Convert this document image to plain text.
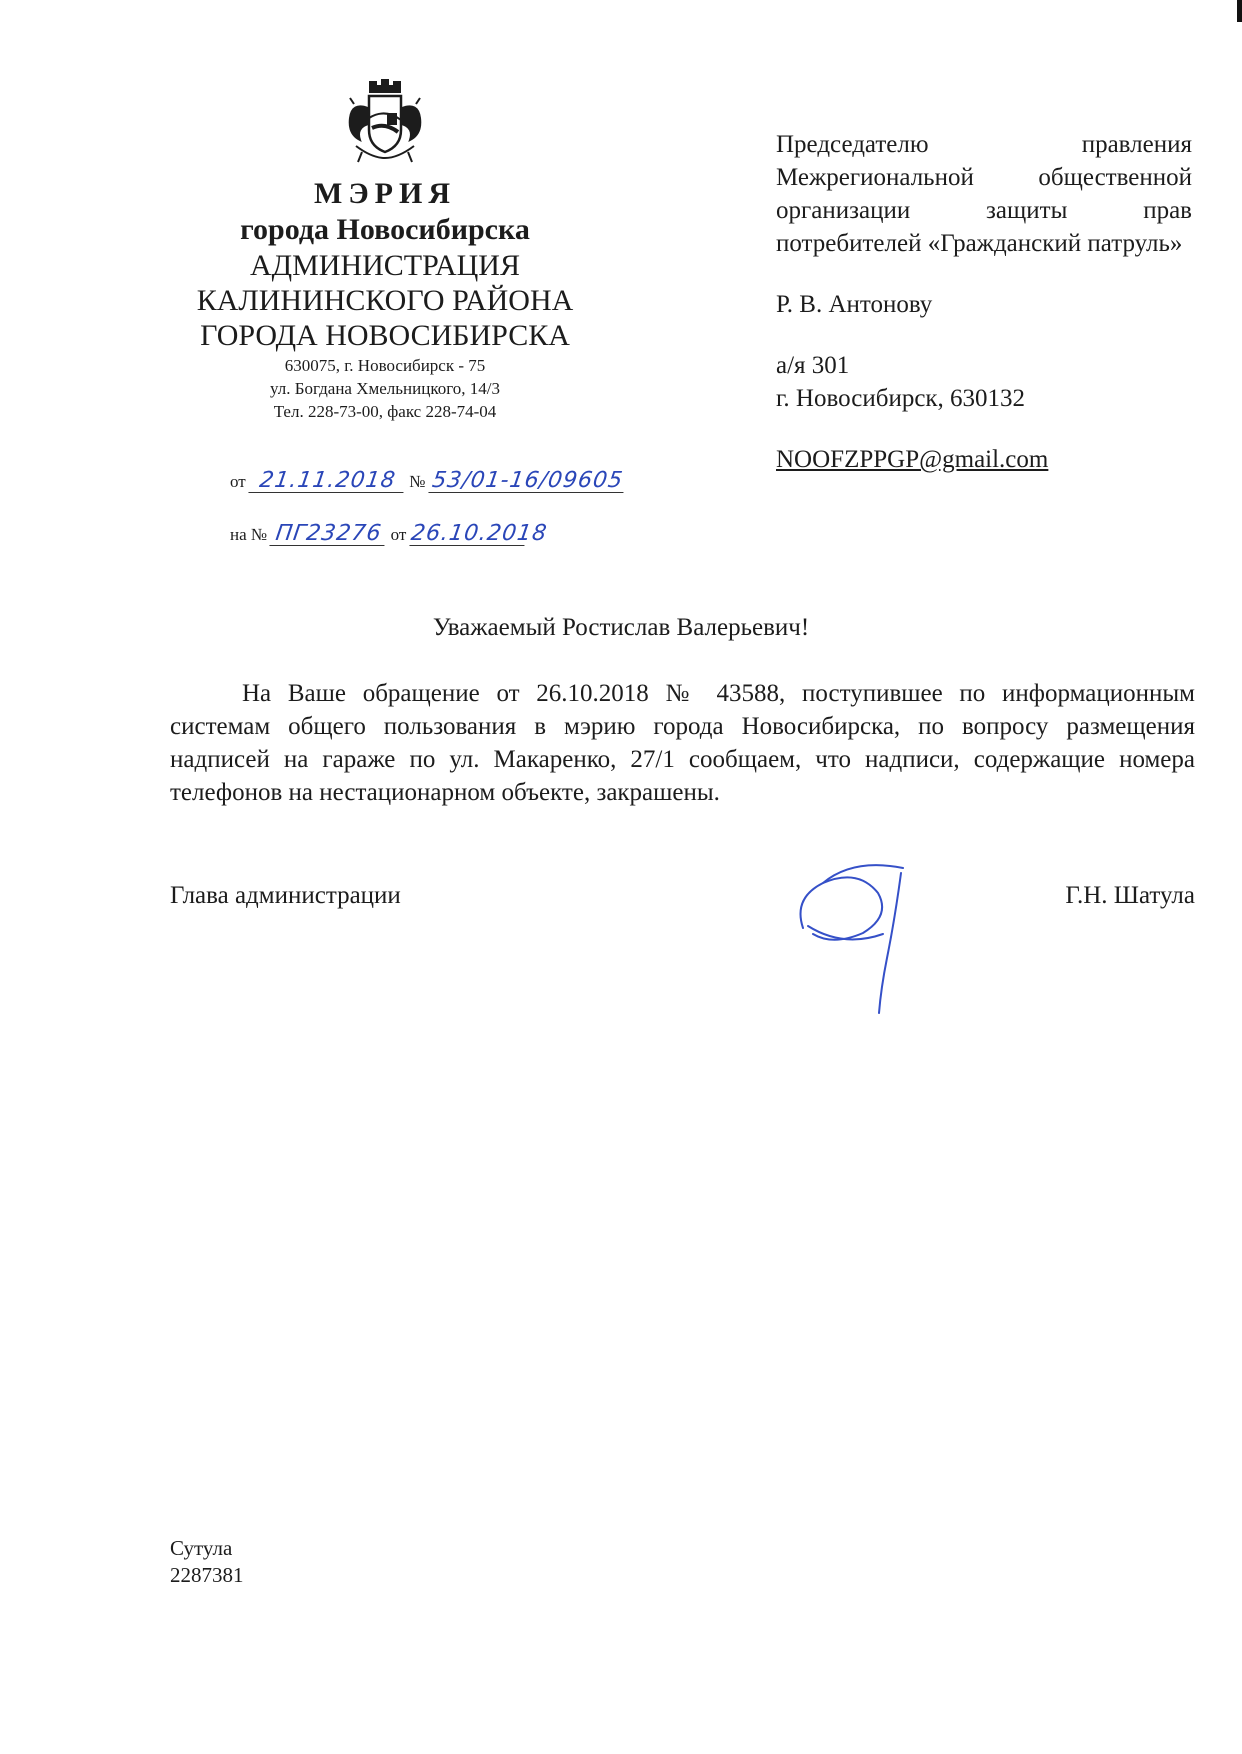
МЭРИЯ
города Новосибирска
АДМИНИСТРАЦИЯ
КАЛИНИНСКОГО РАЙОНА
ГОРОДА НОВОСИБИРСКА
630075, г. Новосибирск - 75
ул. Богдана Хмельницкого, 14/3
Тел. 228-73-00, факс 228-74-04
от 21.11.2018 № 53/01-16/09605
на № ПГ23276 от 26.10.2018

Председателю правления Межрегиональной общественной организации защиты прав потребителей «Гражданский патруль»

Р. В. Антонову

а/я 301

г. Новосибирск, 630132

NOOFZPPGP@gmail.com

Уважаемый Ростислав Валерьевич!

На Ваше обращение от 26.10.2018 № 43588, поступившее по информационным системам общего пользования в мэрию города Новосибирска, по вопросу размещения надписей на гараже по ул. Макаренко, 27/1 сообщаем, что надписи, содержащие номера телефонов на нестационарном объекте, закрашены.

Глава администрации	Г.Н. Шатула
Сутула
2287381
